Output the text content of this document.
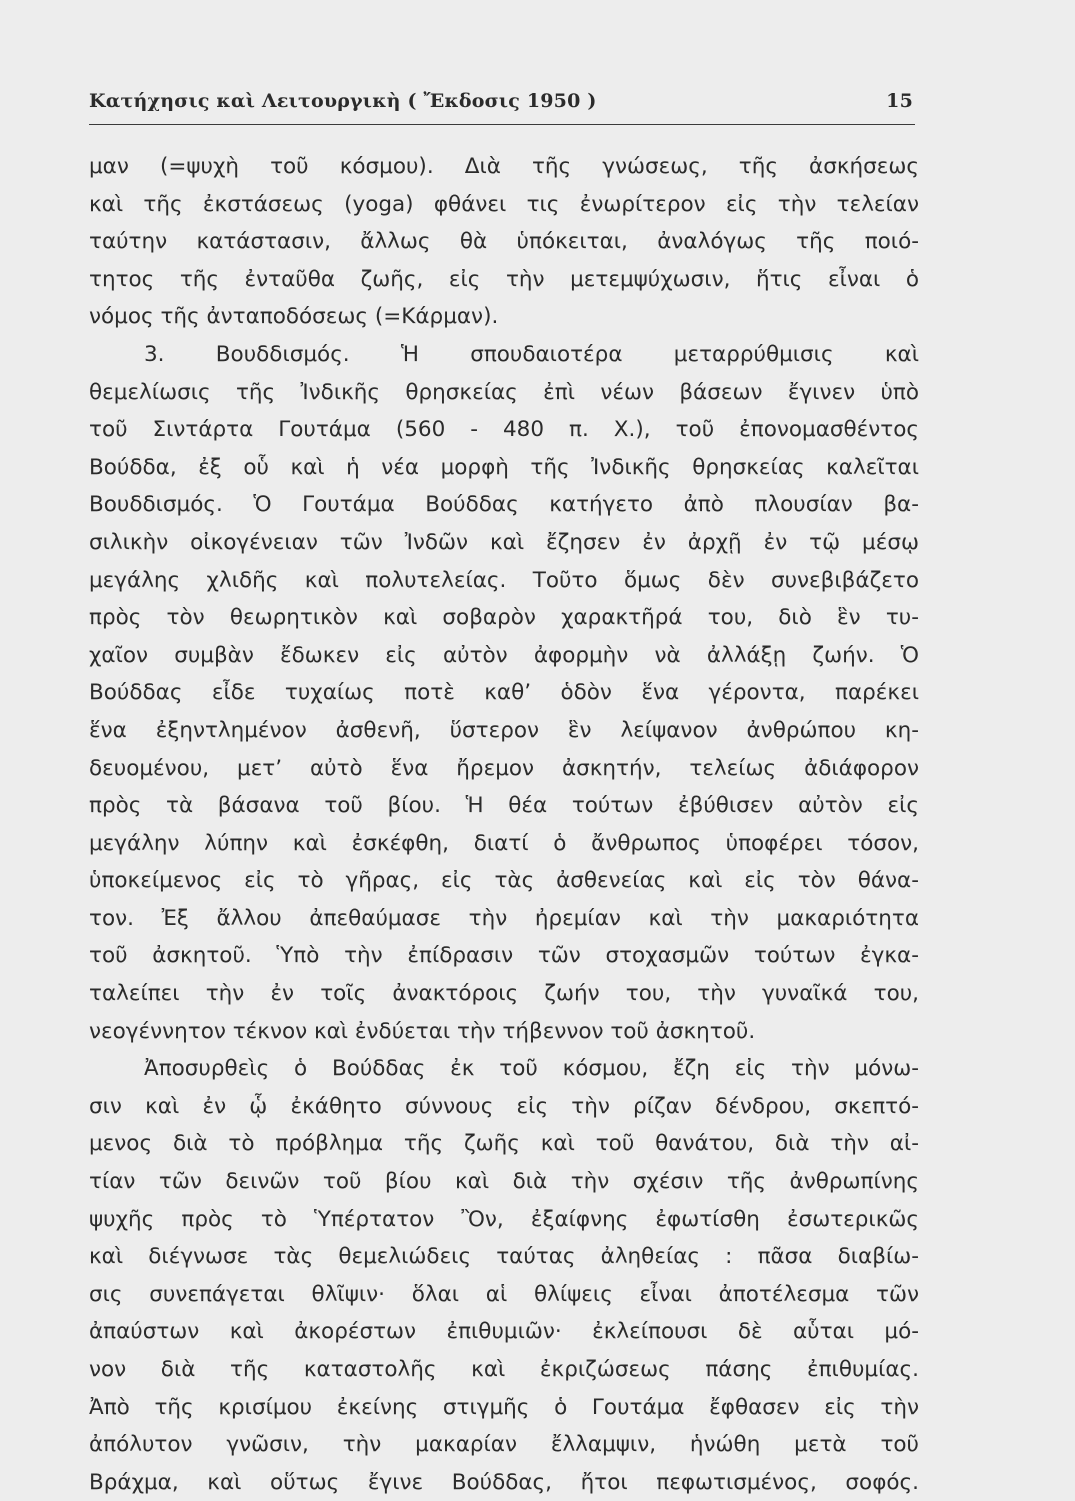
Κατήχησις καὶ Λειτουργικὴ ( Ἔκδοσις 1950 )	15
μαν (=ψυχὴ τοῦ κόσμου). Διὰ τῆς γνώσεως, τῆς ἀσκήσεως
καὶ τῆς ἐκστάσεως (yoga) φθάνει τις ἐνωρίτερον εἰς τὴν τελείαν
ταύτην κατάστασιν, ἄλλως θὰ ὑπόκειται, ἀναλόγως τῆς ποιό-
τητος τῆς ἐνταῦθα ζωῆς, εἰς τὴν μετεμψύχωσιν, ἥτις εἶναι ὁ
νόμος τῆς ἀνταποδόσεως (=Κάρμαν).
3. Βουδδισμός. Ἡ σπουδαιοτέρα μεταρρύθμισις καὶ
θεμελίωσις τῆς Ἰνδικῆς θρησκείας ἐπὶ νέων βάσεων ἔγινεν ὑπὸ
τοῦ Σιντάρτα Γουτάμα (560 - 480 π. Χ.), τοῦ ἐπονομασθέντος
Βούδδα, ἐξ οὗ καὶ ἡ νέα μορφὴ τῆς Ἰνδικῆς θρησκείας καλεῖται
Βουδδισμός. Ὁ Γουτάμα Βούδδας κατήγετο ἀπὸ πλουσίαν βα-
σιλικὴν οἰκογένειαν τῶν Ἰνδῶν καὶ ἔζησεν ἐν ἀρχῇ ἐν τῷ μέσῳ
μεγάλης χλιδῆς καὶ πολυτελείας. Τοῦτο ὅμως δὲν συνεβιβάζετο
πρὸς τὸν θεωρητικὸν καὶ σοβαρὸν χαρακτῆρά του, διὸ ἓν τυ-
χαῖον συμβὰν ἔδωκεν εἰς αὐτὸν ἀφορμὴν νὰ ἀλλάξῃ ζωήν. Ὁ
Βούδδας εἶδε τυχαίως ποτὲ καθ’ ὁδὸν ἕνα γέροντα, παρέκει
ἕνα ἐξηντλημένον ἀσθενῆ, ὕστερον ἓν λείψανον ἀνθρώπου κη-
δευομένου, μετ’ αὐτὸ ἕνα ἤρεμον ἀσκητήν, τελείως ἀδιάφορον
πρὸς τὰ βάσανα τοῦ βίου. Ἡ θέα τούτων ἐβύθισεν αὐτὸν εἰς
μεγάλην λύπην καὶ ἐσκέφθη, διατί ὁ ἄνθρωπος ὑποφέρει τόσον,
ὑποκείμενος εἰς τὸ γῆρας, εἰς τὰς ἀσθενείας καὶ εἰς τὸν θάνα-
τον. Ἐξ ἄλλου ἀπεθαύμασε τὴν ἠρεμίαν καὶ τὴν μακαριότητα
τοῦ ἀσκητοῦ. Ὑπὸ τὴν ἐπίδρασιν τῶν στοχασμῶν τούτων ἐγκα-
ταλείπει τὴν ἐν τοῖς ἀνακτόροις ζωήν του, τὴν γυναῖκά του,
νεογέννητον τέκνον καὶ ἐνδύεται τὴν τήβεννον τοῦ ἀσκητοῦ.
Ἀποσυρθεὶς ὁ Βούδδας ἐκ τοῦ κόσμου, ἔζη εἰς τὴν μόνω-
σιν καὶ ἐν ᾧ ἐκάθητο σύννους εἰς τὴν ρίζαν δένδρου, σκεπτό-
μενος διὰ τὸ πρόβλημα τῆς ζωῆς καὶ τοῦ θανάτου, διὰ τὴν αἰ-
τίαν τῶν δεινῶν τοῦ βίου καὶ διὰ τὴν σχέσιν τῆς ἀνθρωπίνης
ψυχῆς πρὸς τὸ Ὑπέρτατον Ὂν, ἐξαίφνης ἐφωτίσθη ἐσωτερικῶς
καὶ διέγνωσε τὰς θεμελιώδεις ταύτας ἀληθείας : πᾶσα διαβίω-
σις συνεπάγεται θλῖψιν· ὅλαι αἱ θλίψεις εἶναι ἀποτέλεσμα τῶν
ἀπαύστων καὶ ἀκορέστων ἐπιθυμιῶν· ἐκλείπουσι δὲ αὗται μό-
νον διὰ τῆς καταστολῆς καὶ ἐκριζώσεως πάσης ἐπιθυμίας.
Ἀπὸ τῆς κρισίμου ἐκείνης στιγμῆς ὁ Γουτάμα ἔφθασεν εἰς τὴν
ἀπόλυτον γνῶσιν, τὴν μακαρίαν ἔλλαμψιν, ἡνώθη μετὰ τοῦ
Βράχμα, καὶ οὕτως ἔγινε Βούδδας, ἤτοι πεφωτισμένος, σοφός.
